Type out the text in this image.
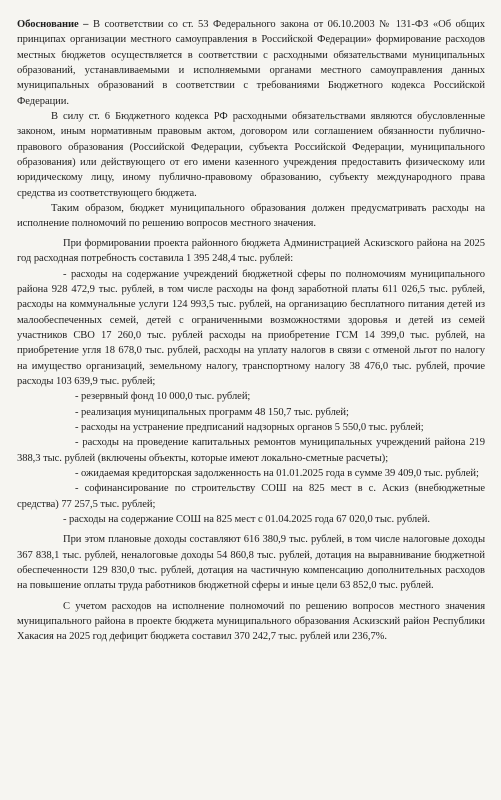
Обоснование – В соответствии со ст. 53 Федерального закона от 06.10.2003 № 131-ФЗ «Об общих принципах организации местного самоуправления в Российской Федерации» формирование расходов местных бюджетов осуществляется в соответствии с расходными обязательствами муниципальных образований, устанавливаемыми и исполняемыми органами местного самоуправления данных муниципальных образований в соответствии с требованиями Бюджетного кодекса Российской Федерации.

В силу ст. 6 Бюджетного кодекса РФ расходными обязательствами являются обусловленные законом, иным нормативным правовым актом, договором или соглашением обязанности публично-правового образования (Российской Федерации, субъекта Российской Федерации, муниципального образования) или действующего от его имени казенного учреждения предоставить физическому или юридическому лицу, иному публично-правовому образованию, субъекту международного права средства из соответствующего бюджета.

Таким образом, бюджет муниципального образования должен предусматривать расходы на исполнение полномочий по решению вопросов местного значения.

При формировании проекта районного бюджета Администрацией Аскизского района на 2025 год расходная потребность составила 1 395 248,4 тыс. рублей:

- расходы на содержание учреждений бюджетной сферы по полномочиям муниципального района 928 472,9 тыс. рублей, в том числе расходы на фонд заработной платы 611 026,5 тыс. рублей, расходы на коммунальные услуги 124 993,5 тыс. рублей, на организацию бесплатного питания детей из малообеспеченных семей, детей с ограниченными возможностями здоровья и детей из семей участников СВО 17 260,0 тыс. рублей расходы на приобретение ГСМ 14 399,0 тыс. рублей, на приобретение угля 18 678,0 тыс. рублей, расходы на уплату налогов в связи с отменой льгот по налогу на имущество организаций, земельному налогу, транспортному налогу 38 476,0 тыс. рублей, прочие расходы 103 639,9 тыс. рублей;

- резервный фонд 10 000,0 тыс. рублей;

- реализация муниципальных программ 48 150,7 тыс. рублей;

- расходы на устранение предписаний надзорных органов 5 550,0 тыс. рублей;

- расходы на проведение капитальных ремонтов муниципальных учреждений района 219 388,3 тыс. рублей (включены объекты, которые имеют локально-сметные расчеты);

- ожидаемая кредиторская задолженность на 01.01.2025 года в сумме 39 409,0 тыс. рублей;

- софинансирование по строительству СОШ на 825 мест в с. Аскиз (внебюджетные средства) 77 257,5 тыс. рублей;

- расходы на содержание СОШ на 825 мест с 01.04.2025 года 67 020,0 тыс. рублей.

При этом плановые доходы составляют 616 380,9 тыс. рублей, в том числе налоговые доходы 367 838,1 тыс. рублей, неналоговые доходы 54 860,8 тыс. рублей, дотация на выравнивание бюджетной обеспеченности 129 830,0 тыс. рублей, дотация на частичную компенсацию дополнительных расходов на повышение оплаты труда работников бюджетной сферы и иные цели 63 852,0 тыс. рублей.

С учетом расходов на исполнение полномочий по решению вопросов местного значения муниципального района в проекте бюджета муниципального образования Аскизский район Республики Хакасия на 2025 год дефицит бюджета составил 370 242,7 тыс. рублей или 236,7%.
